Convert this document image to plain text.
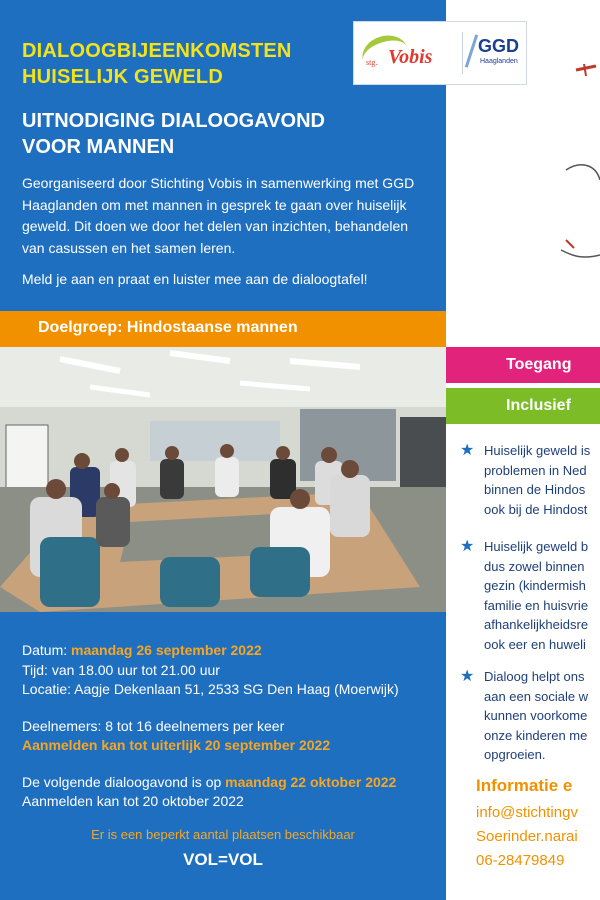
DIALOOGBIJEENKOMSTEN
HUISELIJK GEWELD
UITNODIGING DIALOOGAVOND
VOOR MANNEN
stg. Vobis	GGD
Haaglanden
Georganiseerd door Stichting Vobis in samenwerking met GGD Haaglanden om met mannen in gesprek te gaan over huiselijk geweld. Dit doen we door het delen van inzichten, behandelen van casussen en het samen leren.
Meld je aan en praat en luister mee aan de dialoogtafel!
Doelgroep: Hindostaanse mannen
Datum: maandag 26 september 2022
Tijd: van 18.00 uur tot 21.00 uur
Locatie: Aagje Dekenlaan 51, 2533 SG Den Haag (Moerwijk)
Deelnemers: 8 tot 16 deelnemers per keer
Aanmelden kan tot uiterlijk 20 september 2022
De volgende dialoogavond is op maandag 22 oktober 2022
Aanmelden kan tot 20 oktober 2022
Er is een beperkt aantal plaatsen beschikbaar
VOL=VOL
Toegang
Inclusief
★ Huiselijk geweld is
problemen in Ned
binnen de Hindos
ook bij de Hindost
★ Huiselijk geweld b
dus zowel binnen
gezin (kindermish
familie en huisvrie
afhankelijkheidsre
ook eer en huweli
★ Dialoog helpt ons
aan een sociale w
kunnen voorkome
onze kinderen me
opgroeien.
Informatie e
info@stichtingv
Soerinder.narai
06-28479849
